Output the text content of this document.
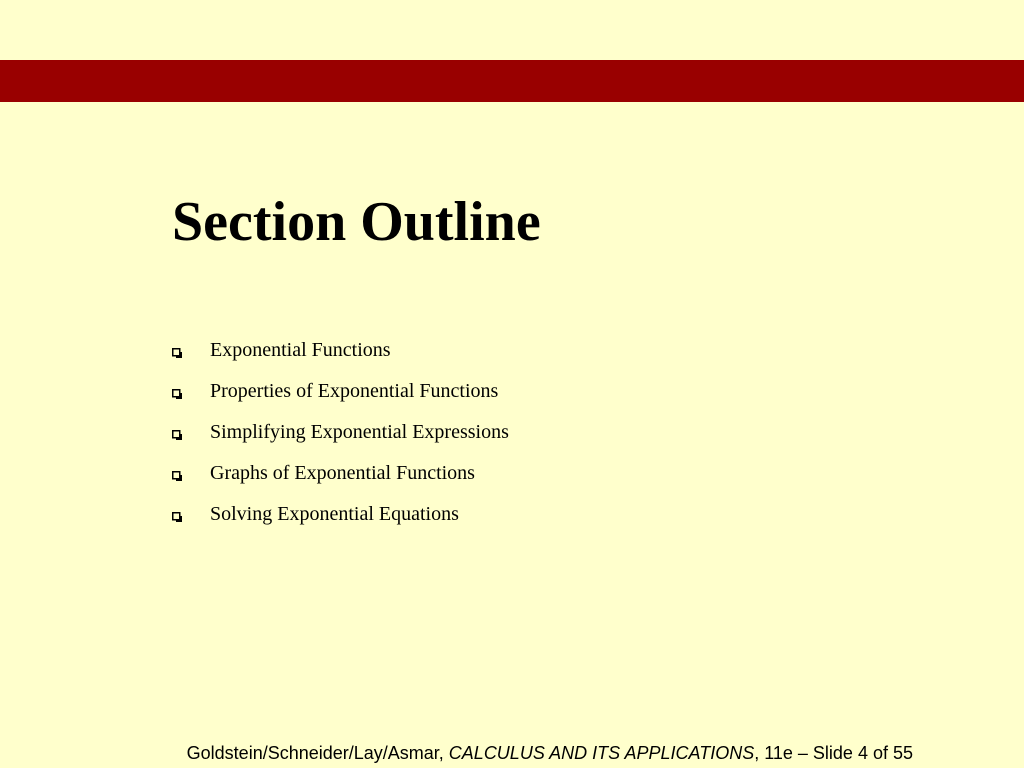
Section Outline
Exponential Functions
Properties of Exponential Functions
Simplifying Exponential Expressions
Graphs of Exponential Functions
Solving Exponential Equations
Goldstein/Schneider/Lay/Asmar, CALCULUS AND ITS APPLICATIONS, 11e – Slide 4 of 55
